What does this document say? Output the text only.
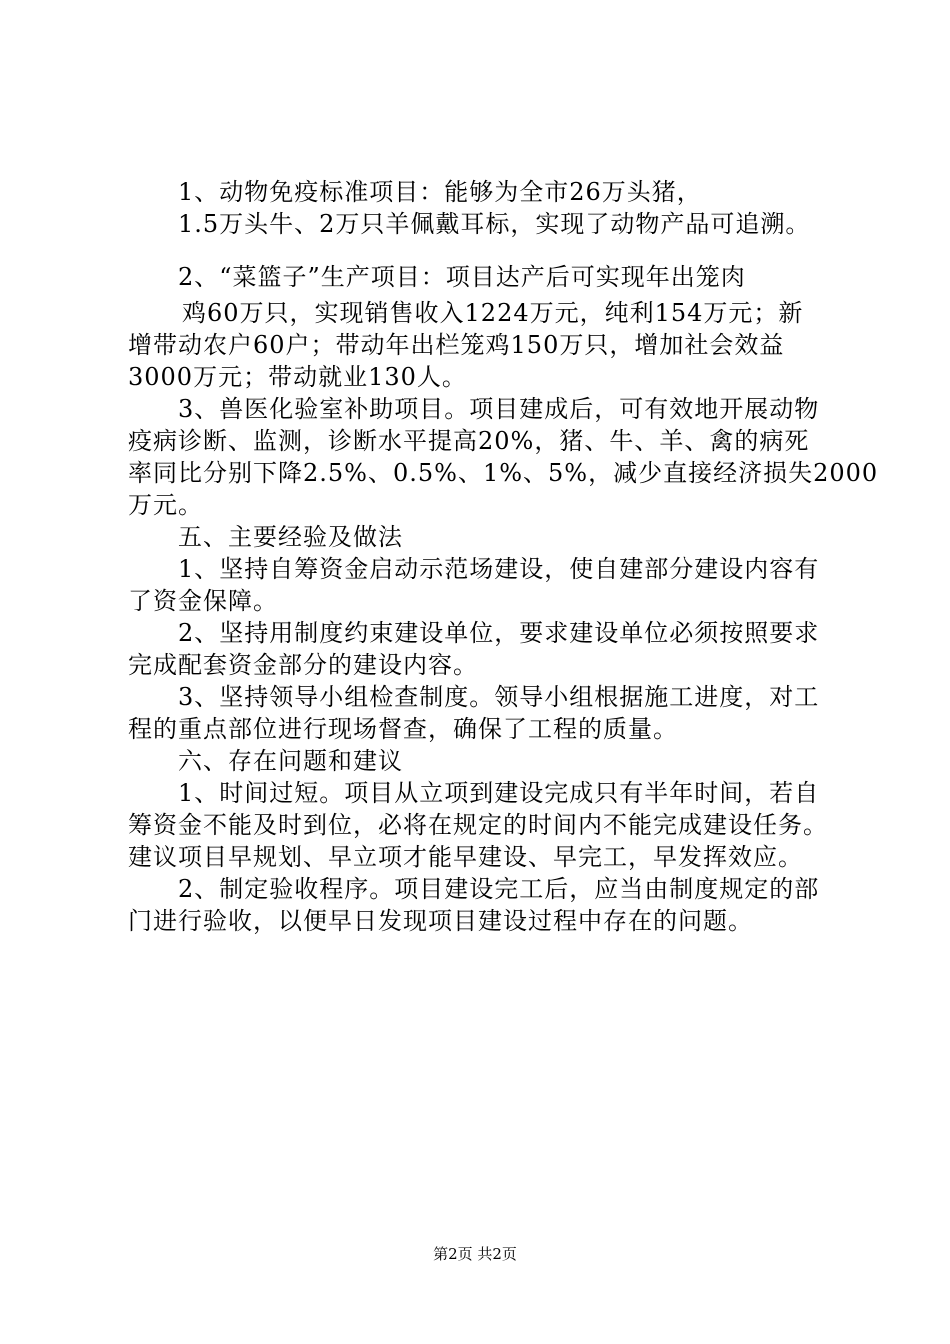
1、动物免疫标准项目：能够为全市26万头猪，
1.5万头牛、2万只羊佩戴耳标，实现了动物产品可追溯。
2、“菜篮子”生产项目：项目达产后可实现年出笼肉
鸡60万只，实现销售收入1224万元，纯利154万元；新
增带动农户60户；带动年出栏笼鸡150万只，增加社会效益
3000万元；带动就业130人。
3、兽医化验室补助项目。项目建成后，可有效地开展动物
疫病诊断、监测，诊断水平提高20%，猪、牛、羊、禽的病死
率同比分别下降2.5%、0.5%、1%、5%，减少直接经济损失2000
万元。
五、主要经验及做法
1、坚持自筹资金启动示范场建设，使自建部分建设内容有
了资金保障。
2、坚持用制度约束建设单位，要求建设单位必须按照要求
完成配套资金部分的建设内容。
3、坚持领导小组检查制度。领导小组根据施工进度，对工
程的重点部位进行现场督查，确保了工程的质量。
六、存在问题和建议
1、时间过短。项目从立项到建设完成只有半年时间，若自
筹资金不能及时到位，必将在规定的时间内不能完成建设任务。
建议项目早规划、早立项才能早建设、早完工，早发挥效应。
2、制定验收程序。项目建设完工后，应当由制度规定的部
门进行验收，以便早日发现项目建设过程中存在的问题。
第2页 共2页
